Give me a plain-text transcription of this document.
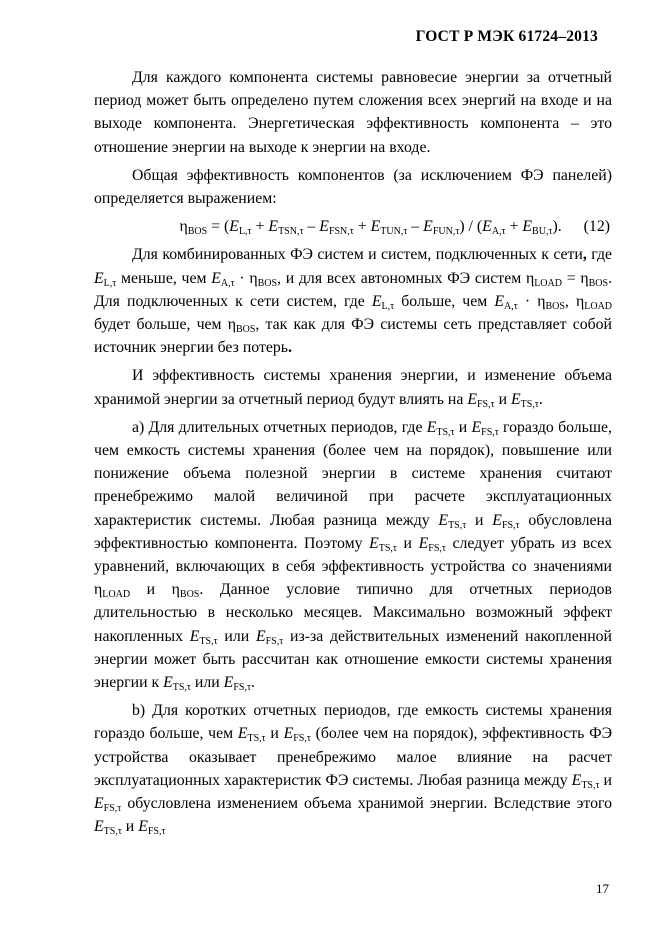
ГОСТ Р МЭК 61724–2013

Для каждого компонента системы равновесие энергии за отчетный период может быть определено путем сложения всех энергий на входе и на выходе компонента. Энергетическая эффективность компонента – это отношение энергии на выходе к энергии на входе.

Общая эффективность компонентов (за исключением ФЭ панелей) определяется выражением:

$\eta_{BOS} = (E_{L,\tau} + E_{TSN,\tau} - E_{FSN,\tau} + E_{TUN,\tau} - E_{FUN,\tau}) / (E_{A,\tau} + E_{BU,\tau})$. (12)

Для комбинированных ФЭ систем и систем, подключенных к сети, где $E_{L,\tau}$ меньше, чем $E_{A,\tau} \cdot \eta_{BOS}$, и для всех автономных ФЭ систем $\eta_{LOAD} = \eta_{BOS}$. Для подключенных к сети систем, где $E_{L,\tau}$ больше, чем $E_{A,\tau} \cdot \eta_{BOS}$, $\eta_{LOAD}$ будет больше, чем $\eta_{BOS}$, так как для ФЭ системы сеть представляет собой источник энергии без потерь.

И эффективность системы хранения энергии, и изменение объема хранимой энергии за отчетный период будут влиять на $E_{FS,\tau}$ и $E_{TS,\tau}$.

а) Для длительных отчетных периодов, где $E_{TS,\tau}$ и $E_{FS,\tau}$ гораздо больше, чем емкость системы хранения (более чем на порядок), повышение или понижение объема полезной энергии в системе хранения считают пренебрежимо малой величиной при расчете эксплуатационных характеристик системы. Любая разница между $E_{TS,\tau}$ и $E_{FS,\tau}$ обусловлена эффективностью компонента. Поэтому $E_{TS,\tau}$ и $E_{FS,\tau}$ следует убрать из всех уравнений, включающих в себя эффективность устройства со значениями $\eta_{LOAD}$ и $\eta_{BOS}$. Данное условие типично для отчетных периодов длительностью в несколько месяцев. Максимально возможный эффект накопленных $E_{TS,\tau}$ или $E_{FS,\tau}$ из-за действительных изменений накопленной энергии может быть рассчитан как отношение емкости системы хранения энергии к $E_{TS,\tau}$ или $E_{FS,\tau}$.

b) Для коротких отчетных периодов, где емкость системы хранения гораздо больше, чем $E_{TS,\tau}$ и $E_{FS,\tau}$ (более чем на порядок), эффективность ФЭ устройства оказывает пренебрежимо малое влияние на расчет эксплуатационных характеристик ФЭ системы. Любая разница между $E_{TS,\tau}$ и $E_{FS,\tau}$ обусловлена изменением объема хранимой энергии. Вследствие этого $E_{TS,\tau}$ и $E_{FS,\tau}$

17
